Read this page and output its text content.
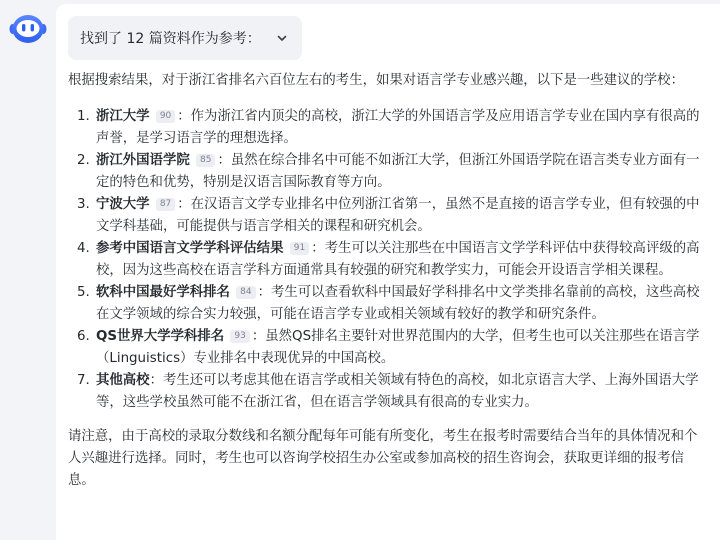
找到了 12 篇资料作为参考：

根据搜索结果，对于浙江省排名六百位左右的考生，如果对语言学专业感兴趣，以下是一些建议的学校：

1. 浙江大学 90 ：作为浙江省内顶尖的高校，浙江大学的外国语言学及应用语言学专业在国内享有很高的声誉，是学习语言学的理想选择。
2. 浙江外国语学院 85 ：虽然在综合排名中可能不如浙江大学，但浙江外国语学院在语言类专业方面有一定的特色和优势，特别是汉语言国际教育等方向。
3. 宁波大学 87 ：在汉语言文学专业排名中位列浙江省第一，虽然不是直接的语言学专业，但有较强的中文学科基础，可能提供与语言学相关的课程和研究机会。
4. 参考中国语言文学学科评估结果 91 ：考生可以关注那些在中国语言文学学科评估中获得较高评级的高校，因为这些高校在语言学科方面通常具有较强的研究和教学实力，可能会开设语言学相关课程。
5. 软科中国最好学科排名 84 ：考生可以查看软科中国最好学科排名中文学类排名靠前的高校，这些高校在文学领域的综合实力较强，可能在语言学专业或相关领域有较好的教学和研究条件。
6. QS世界大学学科排名 93 ：虽然QS排名主要针对世界范围内的大学，但考生也可以关注那些在语言学（Linguistics）专业排名中表现优异的中国高校。
7. 其他高校：考生还可以考虑其他在语言学或相关领域有特色的高校，如北京语言大学、上海外国语大学等，这些学校虽然可能不在浙江省，但在语言学领域具有很高的专业实力。

请注意，由于高校的录取分数线和名额分配每年可能有所变化，考生在报考时需要结合当年的具体情况和个人兴趣进行选择。同时，考生也可以咨询学校招生办公室或参加高校的招生咨询会，获取更详细的报考信息。
